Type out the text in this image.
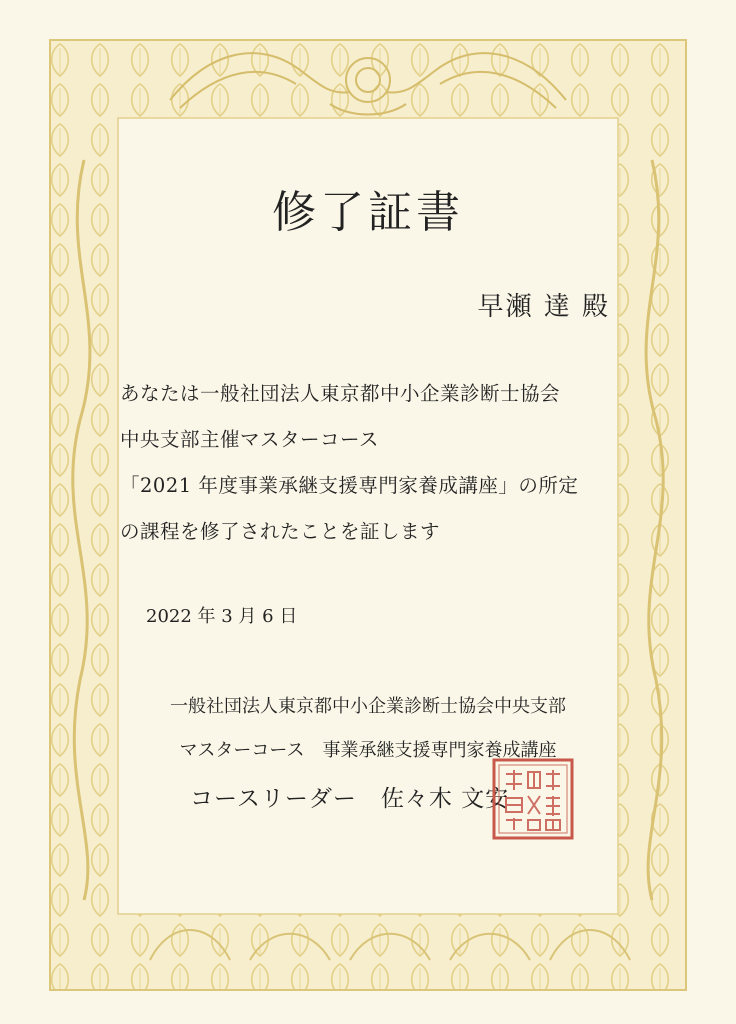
修了証書
早瀬 達 殿
あなたは一般社団法人東京都中小企業診断士協会
中央支部主催マスターコース
「2021 年度事業承継支援専門家養成講座」の所定
の課程を修了されたことを証します
2022 年 3 月 6 日
一般社団法人東京都中小企業診断士協会中央支部
マスターコース　事業承継支援専門家養成講座
コースリーダー　佐々木 文安
